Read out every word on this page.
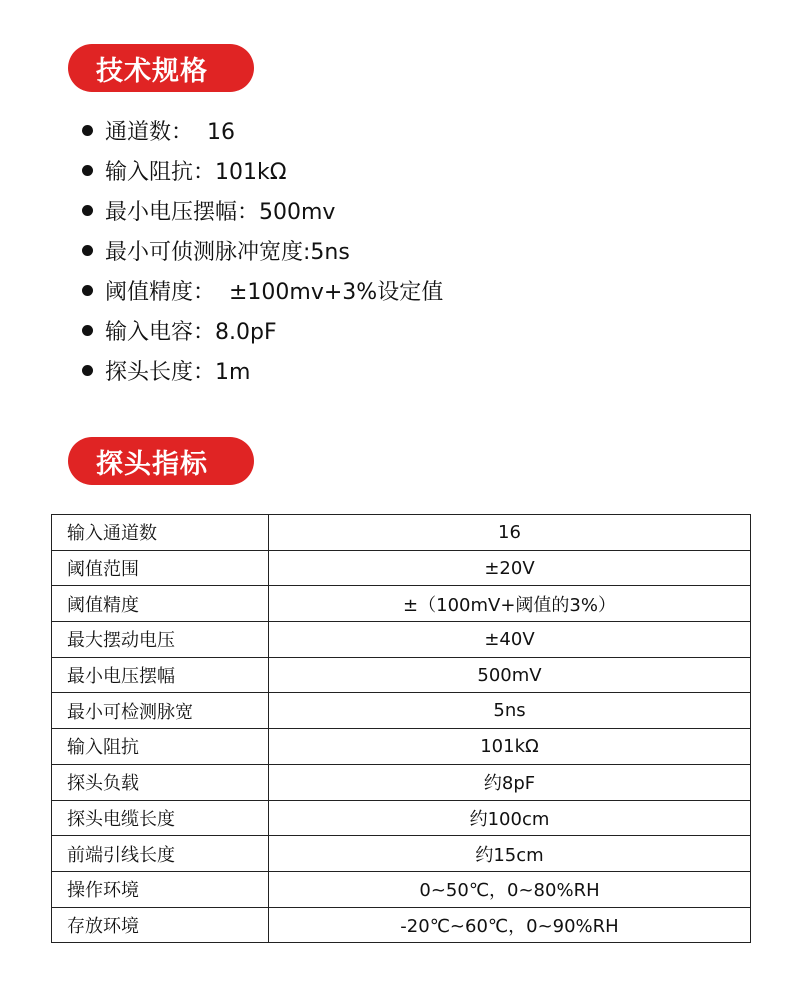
技术规格
通道数：  16
输入阻抗：101kΩ
最小电压摆幅：500mv
最小可侦测脉冲宽度:5ns
阈值精度：  ±100mv+3%设定值
输入电容：8.0pF
探头长度：1m
探头指标
输入通道数	16
阈值范围	±20V
阈值精度	±（100mV+阈值的3%）
最大摆动电压	±40V
最小电压摆幅	500mV
最小可检测脉宽	5ns
输入阻抗	101kΩ
探头负载	约8pF
探头电缆长度	约100cm
前端引线长度	约15cm
操作环境	0~50℃，0~80%RH
存放环境	-20℃~60℃，0~90%RH
